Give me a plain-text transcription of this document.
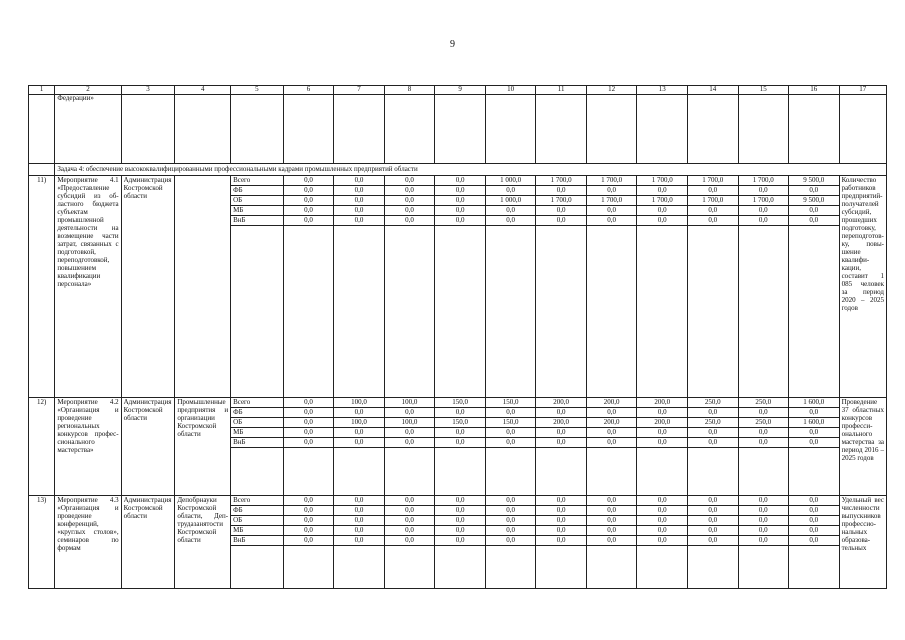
9
1	2	3	4	5	6	7	8	9	10	11	12	13	14	15	16	17
	Федерации»															
	Задача 4: обеспечение высококвалифицированными профессиональными кадрами промышленных предприятий области															
11)	Мероприятие 4.1 «Предоставление субсидий из областного бюджета субъектам промышленной деятельности на возмещение части затрат, связанных с подготовкой, переподготовкой, повышением квалификации персонала»	Администрация Костромской области		Всего	0,0	0,0	0,0	0,0	1 000,0	1 700,0	1 700,0	1 700,0	1 700,0	1 700,0	9 500,0	Количество работников предприятий-получателей субсидий, прошедших подготовку, переподготовку, повышение квалификации, составит 1 085 человек за период 2020 – 2025 годов
				ФБ	0,0	0,0	0,0	0,0	0,0	0,0	0,0	0,0	0,0	0,0	0,0	
				ОБ	0,0	0,0	0,0	0,0	1 000,0	1 700,0	1 700,0	1 700,0	1 700,0	1 700,0	9 500,0	
				МБ	0,0	0,0	0,0	0,0	0,0	0,0	0,0	0,0	0,0	0,0	0,0	
				ВнБ	0,0	0,0	0,0	0,0	0,0	0,0	0,0	0,0	0,0	0,0	0,0	

12)	Мероприятие 4.2 «Организация и проведение региональных конкурсов профессионального мастерства»	Администрация Костромской области	Промышленные предприятия и организации Костромской области	Всего	0,0	100,0	100,0	150,0	150,0	200,0	200,0	200,0	250,0	250,0	1 600,0	Проведение 37 областных конкурсов профессионального мастерства за период 2016 – 2025 годов
				ФБ	0,0	0,0	0,0	0,0	0,0	0,0	0,0	0,0	0,0	0,0	0,0	
				ОБ	0,0	100,0	100,0	150,0	150,0	200,0	200,0	200,0	250,0	250,0	1 600,0	
				МБ	0,0	0,0	0,0	0,0	0,0	0,0	0,0	0,0	0,0	0,0	0,0	
				ВнБ	0,0	0,0	0,0	0,0	0,0	0,0	0,0	0,0	0,0	0,0	0,0	

13)	Мероприятие 4.3 «Организация и проведение конференций, «круглых столов», семинаров по формам	Администрация Костромской области	Депобрнауки Костромской области, Дептрудазанятости Костромской области	Всего	0,0	0,0	0,0	0,0	0,0	0,0	0,0	0,0	0,0	0,0	0,0	Удельный вес численности выпускников профессиональных образовательных
				ФБ	0,0	0,0	0,0	0,0	0,0	0,0	0,0	0,0	0,0	0,0	0,0	
				ОБ	0,0	0,0	0,0	0,0	0,0	0,0	0,0	0,0	0,0	0,0	0,0	
				МБ	0,0	0,0	0,0	0,0	0,0	0,0	0,0	0,0	0,0	0,0	0,0	
				ВнБ	0,0	0,0	0,0	0,0	0,0	0,0	0,0	0,0	0,0	0,0	0,0	
